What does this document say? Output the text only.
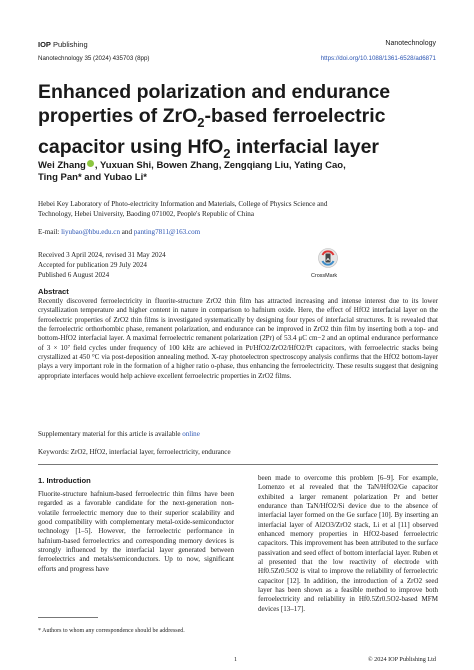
IOP Publishing	Nanotechnology
Nanotechnology 35 (2024) 435703 (8pp)	https://doi.org/10.1088/1361-6528/ad6871
Enhanced polarization and endurance properties of ZrO$_2$-based ferroelectric capacitor using HfO$_2$ interfacial layer
Wei Zhang , Yuxuan Shi, Bowen Zhang, Zengqiang Liu, Yating Cao,
Ting Pan* and Yubao Li*
Hebei Key Laboratory of Photo-electricity Information and Materials, College of Physics Science and Technology, Hebei University, Baoding 071002, People's Republic of China
E-mail: liyubao@hbu.edu.cn and panting7811@163.com
Received 3 April 2024, revised 31 May 2024
Accepted for publication 29 July 2024
Published 6 August 2024	CrossMark
Abstract
Recently discovered ferroelectricity in fluorite-structure ZrO2 thin film has attracted increasing and intense interest due to its lower crystallization temperature and higher content in nature in comparison to hafnium oxide. Here, the effect of HfO2 interfacial layer on the ferroelectric properties of ZrO2 thin films is investigated systematically by designing four types of interfacial structures. It is revealed that the ferroelectric orthorhombic phase, remanent polarization, and endurance can be improved in ZrO2 thin film by inserting both a top- and bottom-HfO2 interfacial layer. A maximal ferroelectric remanent polarization (2Pr) of 53.4 μC cm−2 and an optimal endurance performance of 3 × 10⁷ field cycles under frequency of 100 kHz are achieved in Pt/HfO2/ZrO2/HfO2/Pt capacitors, with ferroelectric stacks being crystallized at 450 °C via post-deposition annealing method. X-ray photoelectron spectroscopy analysis confirms that the HfO2 bottom-layer plays a very important role in the formation of a higher ratio o-phase, thus enhancing the ferroelectricity. These results suggest that designing appropriate interfaces would help achieve excellent ferroelectric properties in ZrO2 films.
Supplementary material for this article is available online
Keywords: ZrO2, HfO2, interfacial layer, ferroelectricity, endurance
1. Introduction
Fluorite-structure hafnium-based ferroelectric thin films have been regarded as a favorable candidate for the next-generation non-volatile ferroelectric memory due to their superior scalability and good compatibility with complementary metal-oxide-semiconductor technology [1–5]. However, the ferroelectric performance in hafnium-based ferroelectrics and corresponding memory devices is strongly influenced by the interfacial layer generated between ferroelectrics and metals/semiconductors. Up to now, significant efforts and progress have
been made to overcome this problem [6–9]. For example, Lomenzo et al revealed that the TaN/HfO2/Ge capacitor exhibited a larger remanent polarization Pr and better endurance than TaN/HfO2/Si device due to the absence of interfacial layer formed on the Ge surface [10]. By inserting an interfacial layer of Al2O3/ZrO2 stack, Li et al [11] observed enhanced memory properties in HfO2-based ferroelectric capacitors. This improvement has been attributed to the surface passivation and seed effect of bottom interfacial layer. Ruben et al presented that the low reactivity of electrode with Hf0.5Zr0.5O2 is vital to improve the reliability of ferroelectric capacitor [12]. In addition, the introduction of a ZrO2 seed layer has been shown as a feasible method to improve both ferroelectricity and reliability in Hf0.5Zr0.5O2-based MFM devices [13–17].
* Authors to whom any correspondence should be addressed.
1	© 2024 IOP Publishing Ltd
